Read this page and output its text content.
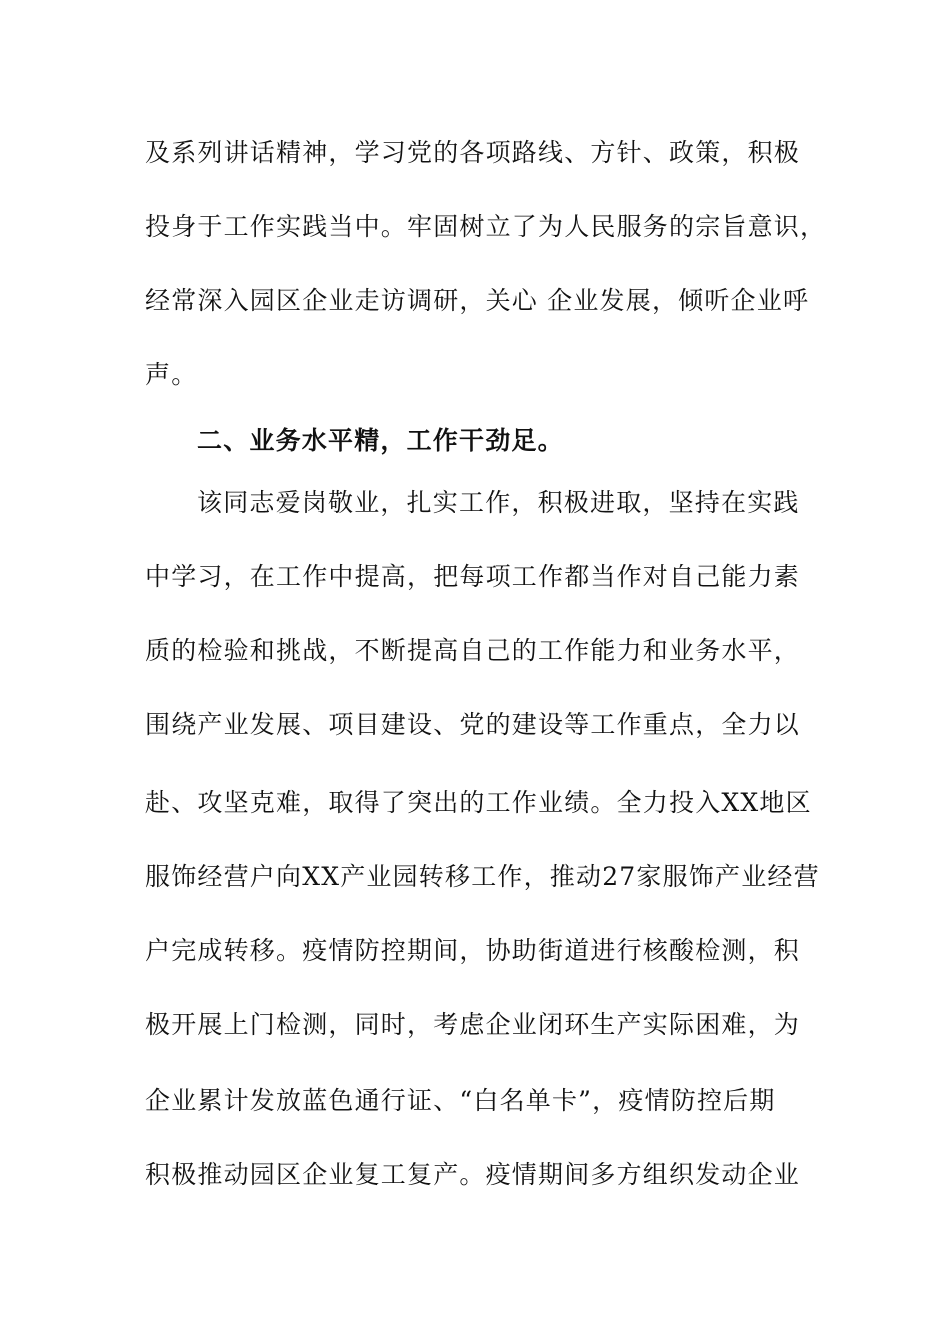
及系列讲话精神，学习党的各项路线、方针、政策，积极
投身于工作实践当中。牢固树立了为人民服务的宗旨意识，
经常深入园区企业走访调研，关心 企业发展，倾听企业呼
声。
二、业务水平精，工作干劲足。
该同志爱岗敬业，扎实工作，积极进取，坚持在实践
中学习，在工作中提高，把每项工作都当作对自己能力素
质的检验和挑战，不断提高自己的工作能力和业务水平，
围绕产业发展、项目建设、党的建设等工作重点，全力以
赴、攻坚克难，取得了突出的工作业绩。全力投入XX地区
服饰经营户向XX产业园转移工作，推动27家服饰产业经营
户完成转移。疫情防控期间，协助街道进行核酸检测，积
极开展上门检测，同时，考虑企业闭环生产实际困难，为
企业累计发放蓝色通行证、“白名单卡”，疫情防控后期
积极推动园区企业复工复产。疫情期间多方组织发动企业
